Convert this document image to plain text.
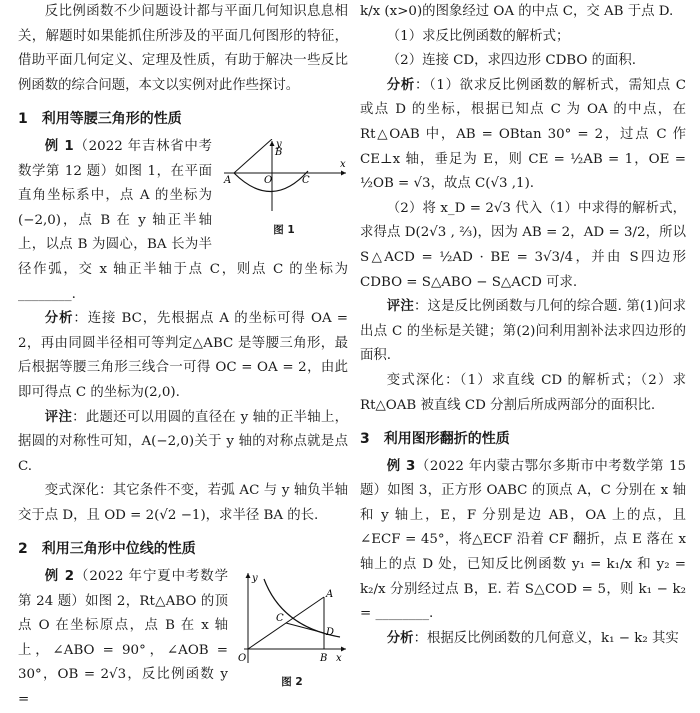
反比例函数不少问题设计都与平面几何知识息息相关，解题时如果能抓住所涉及的平面几何图形的特征，借助平面几何定义、定理及性质，有助于解决一些反比例函数的综合问题，本文以实例对此作些探讨。

1　利用等腰三角形的性质
x
y
B
A	O	C
图 1

例 1（2022 年吉林省中考数学第 12 题）如图 1，在平面直角坐标系中，点 A 的坐标为(−2,0)，点 B 在 y 轴正半轴上，以点 B 为圆心，BA 长为半径作弧，交 x 轴正半轴于点 C，则点 C 的坐标为________.

分析：连接 BC，先根据点 A 的坐标可得 OA = 2，再由同圆半径相可等判定△ABC 是等腰三角形，最后根据等腰三角形三线合一可得 OC = OA = 2，由此即可得点 C 的坐标为(2,0).

评注：此题还可以用圆的直径在 y 轴的正半轴上，据圆的对称性可知，A(−2,0)关于 y 轴的对称点就是点 C.

变式深化：其它条件不变，若弧 AC 与 y 轴负半轴交于点 D，且 OD = 2(√2 −1)，求半径 BA 的长.

2　利用三角形中位线的性质
x
y
A
C
D
O	B
图 2

例 2（2022 年宁夏中考数学第 24 题）如图 2，Rt△ABO 的顶点 O 在坐标原点，点 B 在 x 轴上，∠ABO = 90°，∠AOB = 30°，OB = 2√3，反比例函数 y =

k/x (x>0)的图象经过 OA 的中点 C，交 AB 于点 D.

（1）求反比例函数的解析式；

（2）连接 CD，求四边形 CDBO 的面积.

分析：（1）欲求反比例函数的解析式，需知点 C 或点 D 的坐标，根据已知点 C 为 OA 的中点，在 Rt△OAB 中，AB = OBtan 30° = 2，过点 C 作 CE⊥x 轴，垂足为 E，则 CE = ½AB = 1，OE = ½OB = √3，故点 C(√3 ,1).

（2）将 x_D = 2√3 代入（1）中求得的解析式，求得点 D(2√3 , ⅔)，因为 AB = 2，AD = 3/2，所以 S△ACD = ½AD · BE = 3√3/4，并由 S四边形CDBO = S△ABO − S△ACD 可求.

评注：这是反比例函数与几何的综合题. 第(1)问求出点 C 的坐标是关键；第(2)问利用割补法求四边形的面积.

变式深化：（1）求直线 CD 的解析式；（2）求 Rt△OAB 被直线 CD 分割后所成两部分的面积比.

3　利用图形翻折的性质

例 3（2022 年内蒙古鄂尔多斯市中考数学第 15 题）如图 3，正方形 OABC 的顶点 A，C 分别在 x 轴和 y 轴上，E，F 分别是边 AB，OA 上的点，且∠ECF = 45°，将△ECF 沿着 CF 翻折，点 E 落在 x 轴上的点 D 处，已知反比例函数 y₁ = k₁/x 和 y₂ = k₂/x 分别经过点 B，E. 若 S△COD = 5，则 k₁ − k₂ = ________.

分析：根据反比例函数的几何意义，k₁ − k₂ 其实
